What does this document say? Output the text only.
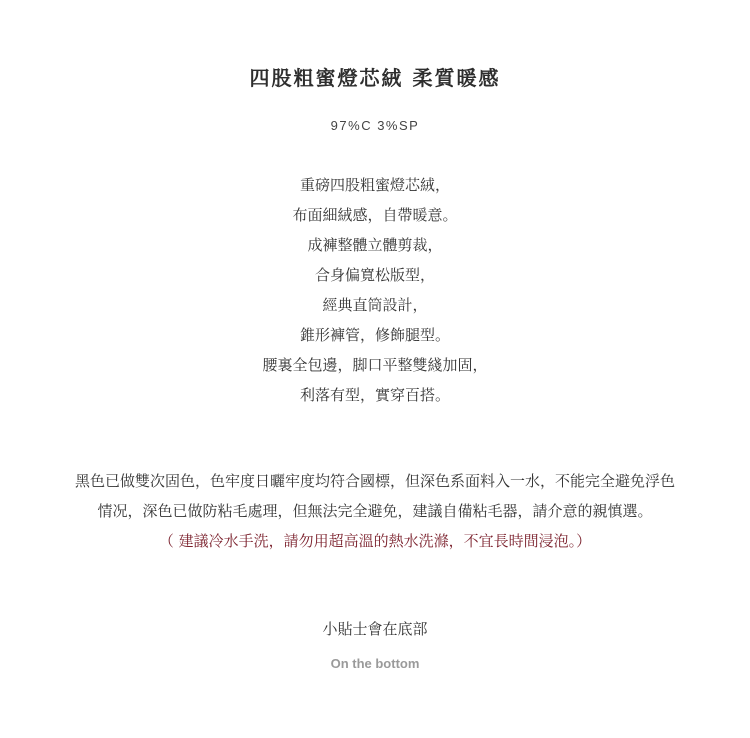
四股粗蜜燈芯絨 柔質暖感
97%C 3%SP
重磅四股粗蜜燈芯絨，
布面細絨感，自帶暖意。
成褲整體立體剪裁，
合身偏寬松版型，
經典直筒設計，
錐形褲管，修飾腿型。
腰裏全包邊，脚口平整雙綫加固，
利落有型，實穿百搭。
黑色已做雙次固色，色牢度日曬牢度均符合國標，但深色系面料入一水，不能完全避免浮色
情况，深色已做防粘毛處理，但無法完全避免，建議自備粘毛器，請介意的親慎選。
（ 建議冷水手洗，請勿用超高溫的熱水洗滌，不宜長時間浸泡。）
小貼士會在底部
On the bottom
